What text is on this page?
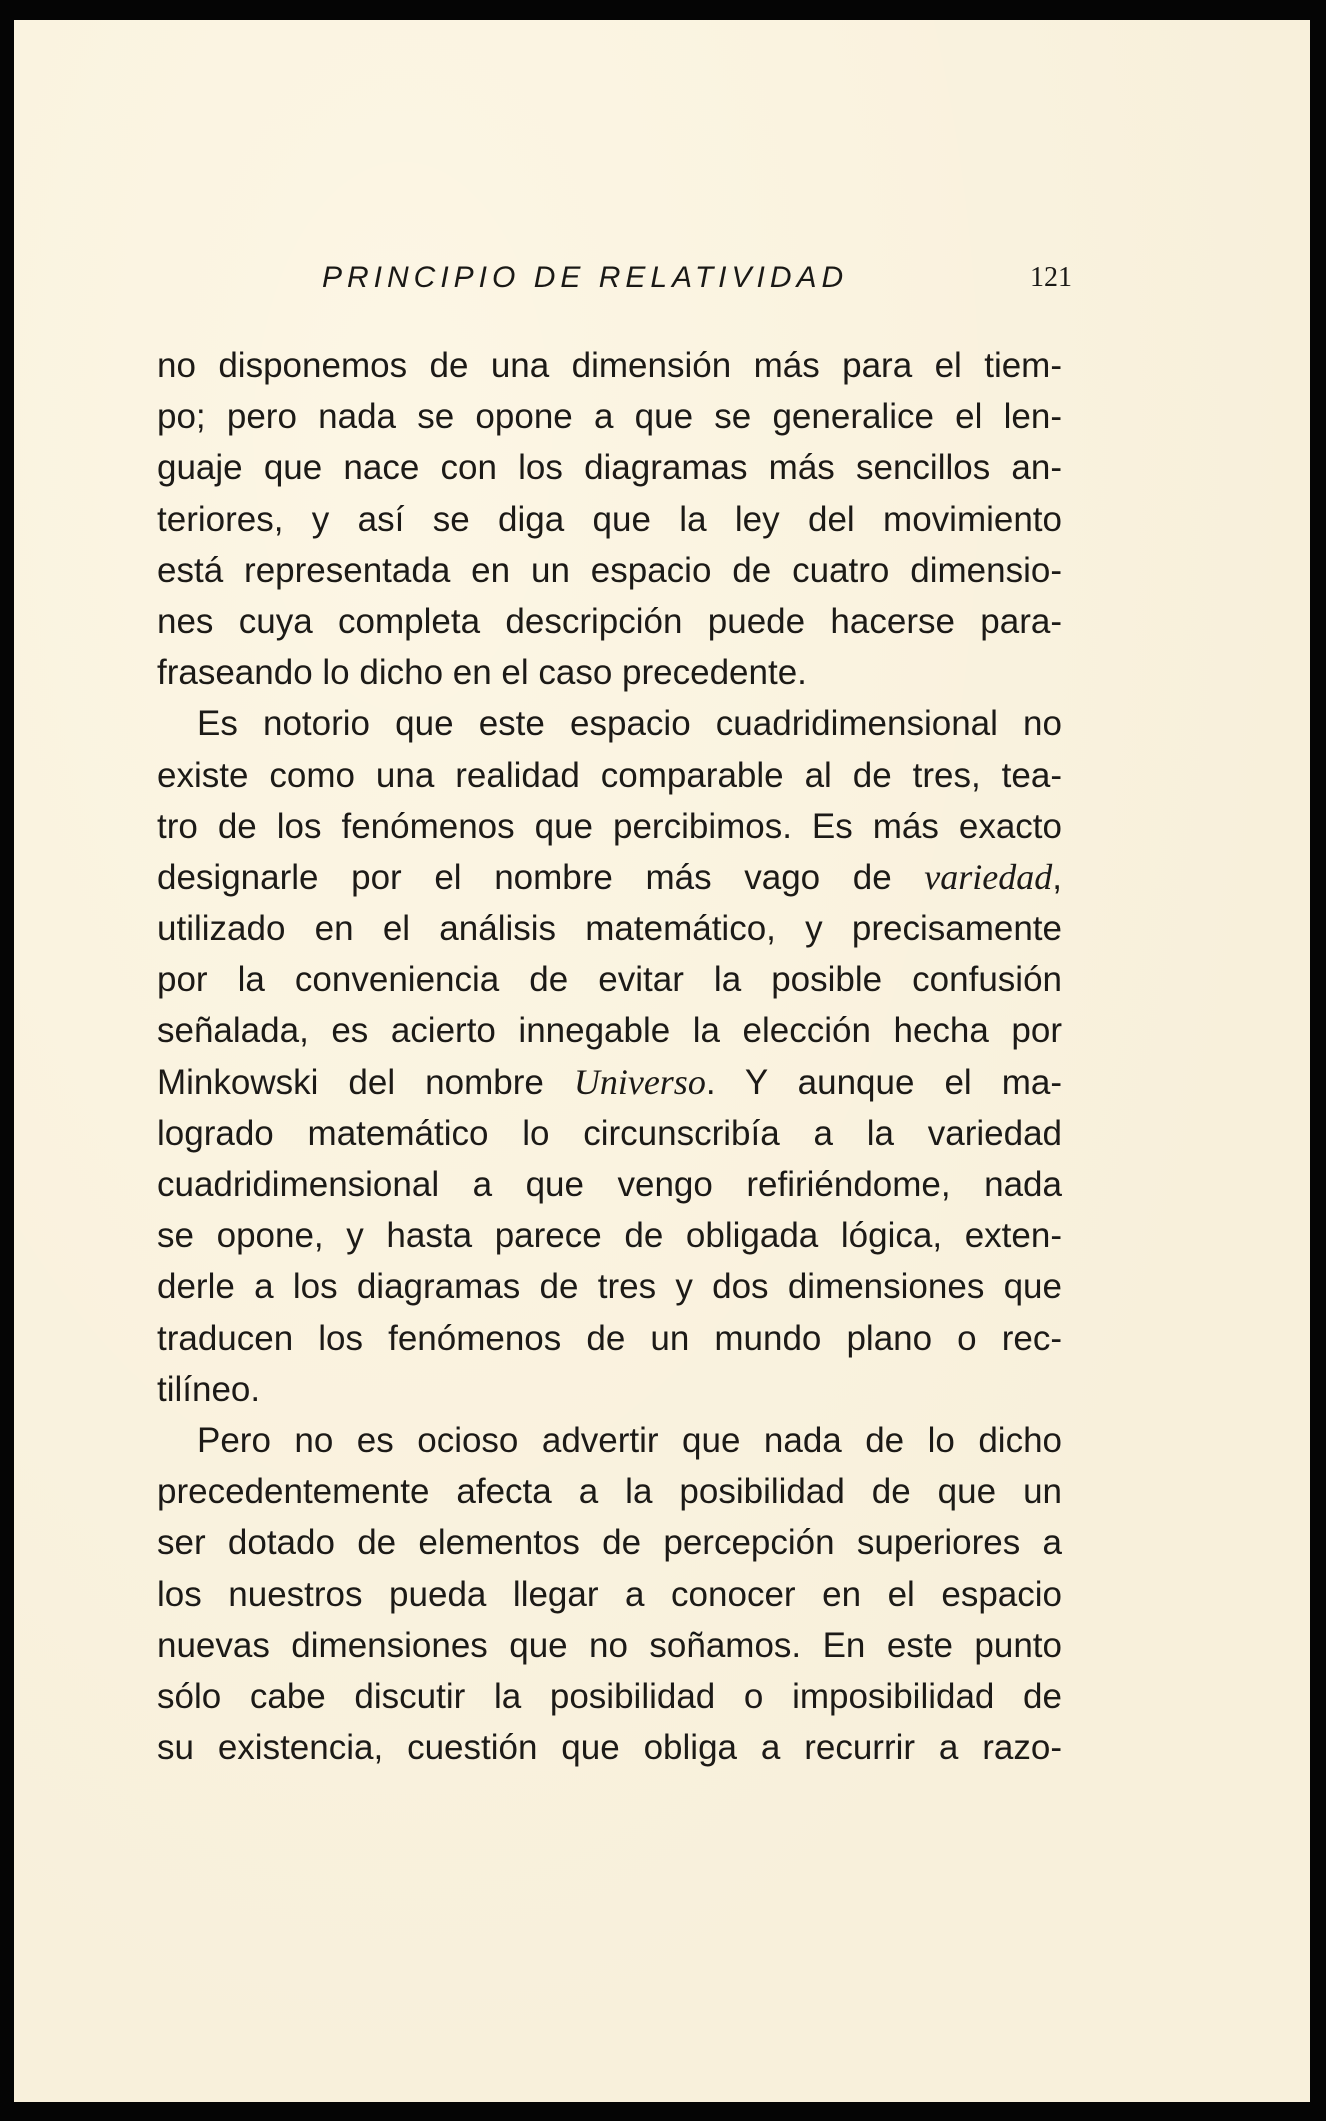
PRINCIPIO DE RELATIVIDAD	121
no disponemos de una dimensión más para el tiem-
po; pero nada se opone a que se generalice el len-
guaje que nace con los diagramas más sencillos an-
teriores, y así se diga que la ley del movimiento
está representada en un espacio de cuatro dimensio-
nes cuya completa descripción puede hacerse para-
fraseando lo dicho en el caso precedente.
Es notorio que este espacio cuadridimensional no
existe como una realidad comparable al de tres, tea-
tro de los fenómenos que percibimos. Es más exacto
designarle por el nombre más vago de variedad,
utilizado en el análisis matemático, y precisamente
por la conveniencia de evitar la posible confusión
señalada, es acierto innegable la elección hecha por
Minkowski del nombre Universo. Y aunque el ma-
logrado matemático lo circunscribía a la variedad
cuadridimensional a que vengo refiriéndome, nada
se opone, y hasta parece de obligada lógica, exten-
derle a los diagramas de tres y dos dimensiones que
traducen los fenómenos de un mundo plano o rec-
tilíneo.
Pero no es ocioso advertir que nada de lo dicho
precedentemente afecta a la posibilidad de que un
ser dotado de elementos de percepción superiores a
los nuestros pueda llegar a conocer en el espacio
nuevas dimensiones que no soñamos. En este punto
sólo cabe discutir la posibilidad o imposibilidad de
su existencia, cuestión que obliga a recurrir a razo-
